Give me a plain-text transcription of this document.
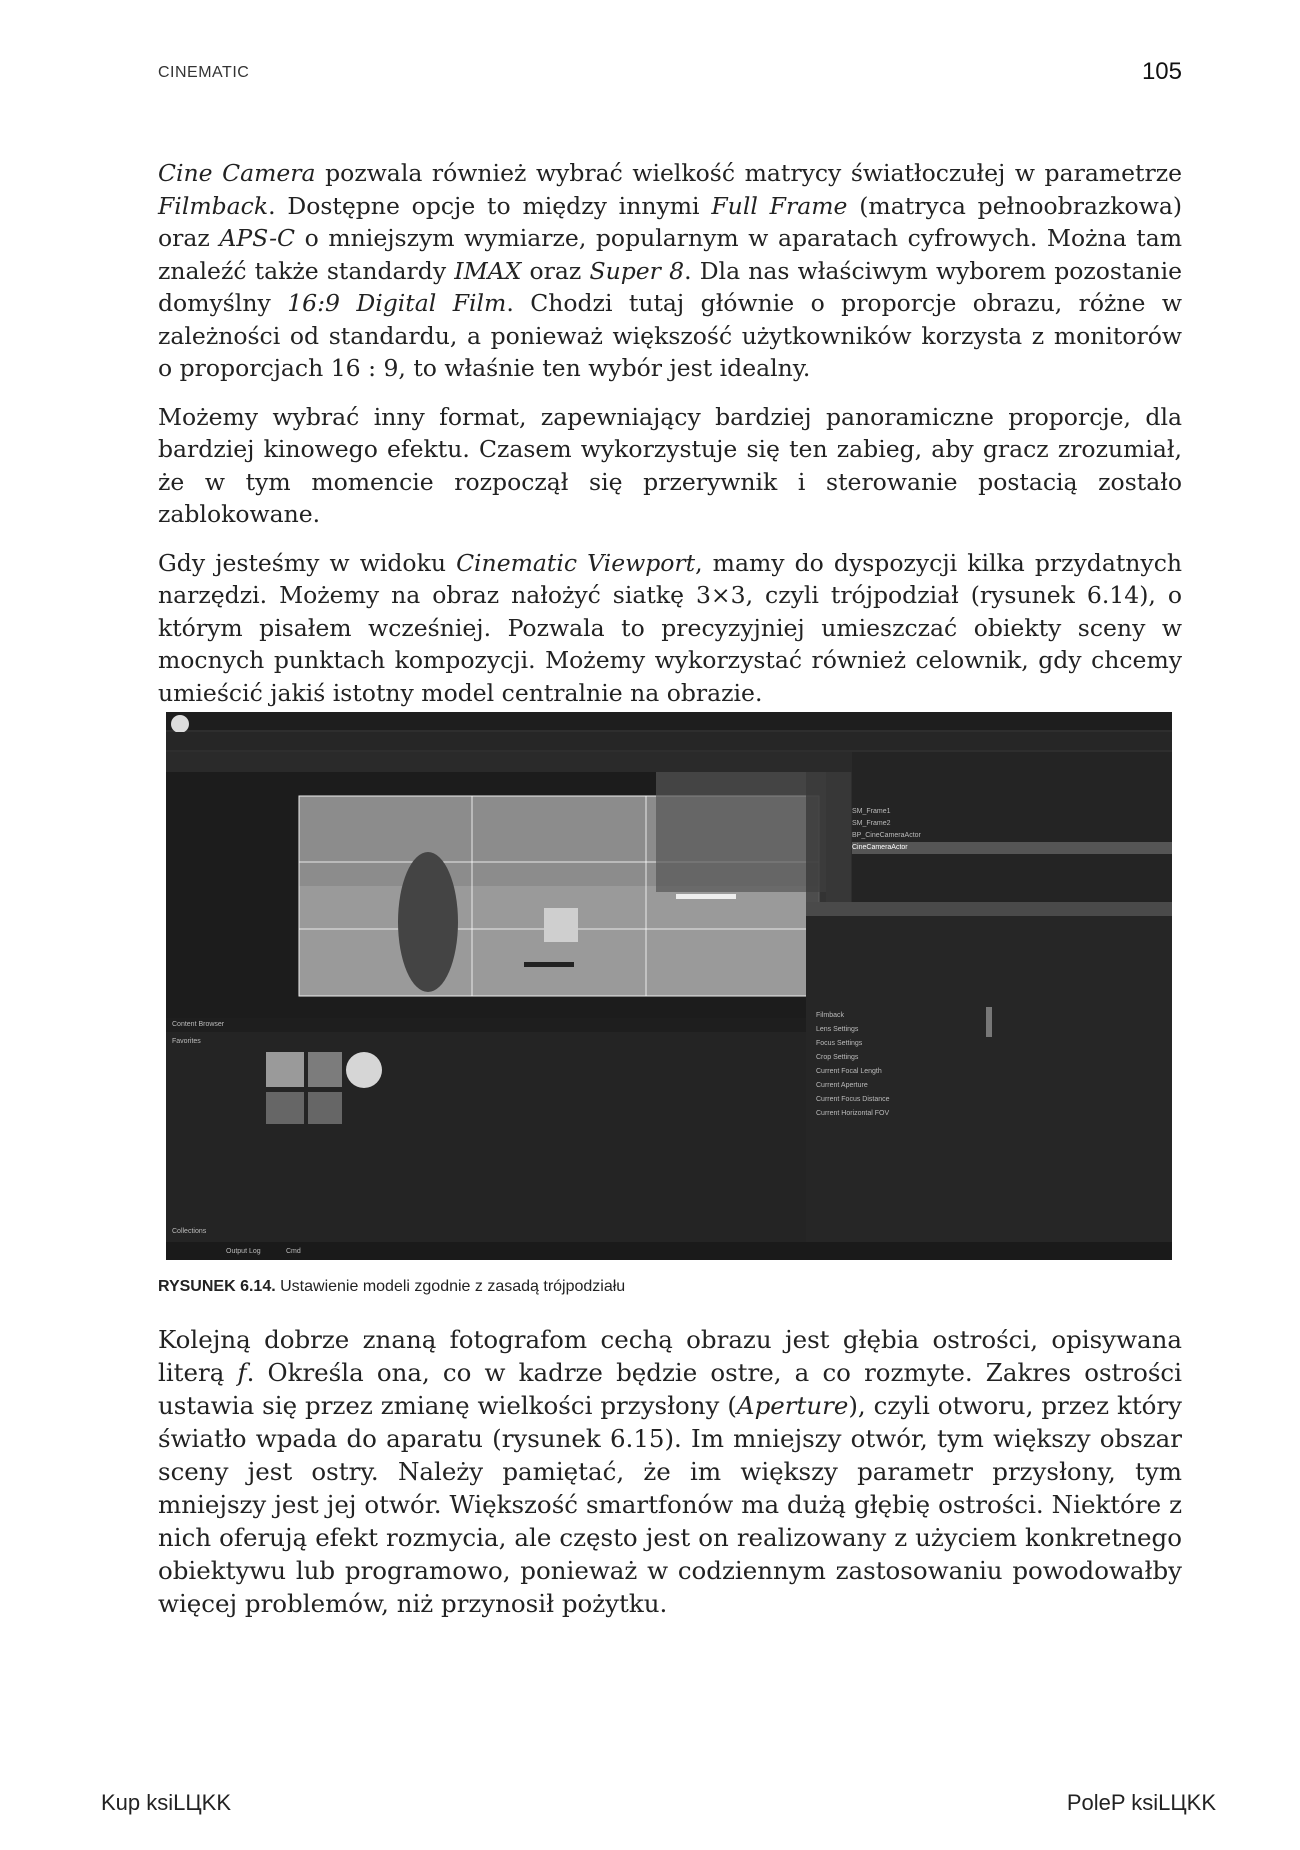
CINEMATIC	105

Cine Camera pozwala również wybrać wielkość matrycy światłoczułej w parametrze Filmback. Dostępne opcje to między innymi Full Frame (matryca pełnoobrazkowa) oraz APS-C o mniejszym wymiarze, popularnym w aparatach cyfrowych. Można tam znaleźć także standardy IMAX oraz Super 8. Dla nas właściwym wyborem pozostanie domyślny 16:9 Digital Film. Chodzi tutaj głównie o proporcje obrazu, różne w zależności od standardu, a ponieważ większość użytkowników korzysta z monitorów o proporcjach 16 : 9, to właśnie ten wybór jest idealny.

Możemy wybrać inny format, zapewniający bardziej panoramiczne proporcje, dla bardziej kinowego efektu. Czasem wykorzystuje się ten zabieg, aby gracz zrozumiał, że w tym momencie rozpoczął się przerywnik i sterowanie postacią zostało zablokowane.

Gdy jesteśmy w widoku Cinematic Viewport, mamy do dyspozycji kilka przydatnych narzędzi. Możemy na obraz nałożyć siatkę 3×3, czyli trójpodział (rysunek 6.14), o którym pisałem wcześniej. Pozwala to precyzyjniej umieszczać obiekty sceny w mocnych punktach kompozycji. Możemy wykorzystać również celownik, gdy chcemy umieścić jakiś istotny model centralnie na obrazie.

SM_Frame1
SM_Frame2
BP_CineCameraActor
CineCameraActor
Filmback
Lens Settings
Focus Settings
Crop Settings
Current Focal Length
Current Aperture
Current Focus Distance
Current Horizontal FOV
Content Browser
Favorites
Collections
Output Log	Cmd
RYSUNEK 6.14. Ustawienie modeli zgodnie z zasadą trójpodziału

Kolejną dobrze znaną fotografom cechą obrazu jest głębia ostrości, opisywana literą f. Określa ona, co w kadrze będzie ostre, a co rozmyte. Zakres ostrości ustawia się przez zmianę wielkości przysłony (Aperture), czyli otworu, przez który światło wpada do aparatu (rysunek 6.15). Im mniejszy otwór, tym większy obszar sceny jest ostry. Należy pamiętać, że im większy parametr przysłony, tym mniejszy jest jej otwór. Większość smartfonów ma dużą głębię ostrości. Niektóre z nich oferują efekt rozmycia, ale często jest on realizowany z użyciem konkretnego obiektywu lub programowo, ponieważ w codziennym zastosowaniu powodowałby więcej problemów, niż przynosił pożytku.

Kup ksiLЦKK	PoleP ksiLЦKK
